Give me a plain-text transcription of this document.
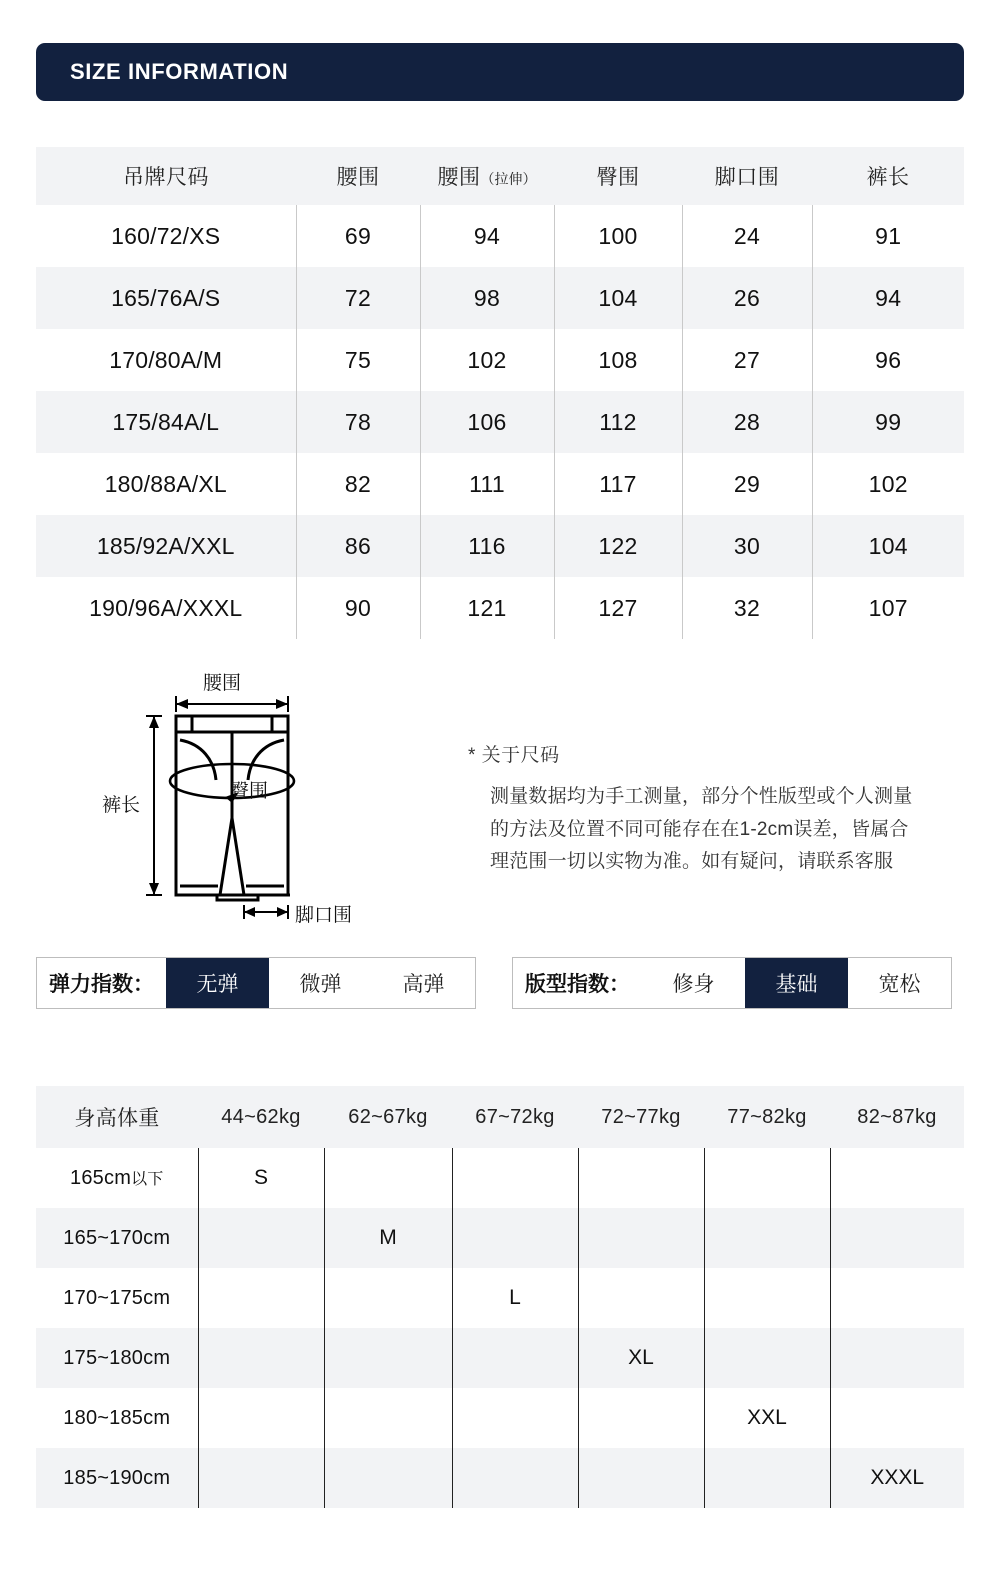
SIZE INFORMATION
吊牌尺码	腰围	腰围（拉伸）	臀围	脚口围	裤长
160/72/XS	69	94	100	24	91
165/76A/S	72	98	104	26	94
170/80A/M	75	102	108	27	96
175/84A/L	78	106	112	28	99
180/88A/XL	82	111	117	29	102
185/92A/XXL	86	116	122	30	104
190/96A/XXXL	90	121	127	32	107
腰围
裤长
臀围
脚口围
* 关于尺码
测量数据均为手工测量，部分个性版型或个人测量
的方法及位置不同可能存在在1-2cm误差，皆属合
理范围一切以实物为准。如有疑问，请联系客服
弹力指数：	无弹	微弹	高弹	版型指数：	修身	基础	宽松
身高体重	44~62kg	62~67kg	67~72kg	72~77kg	77~82kg	82~87kg
165cm以下	S					
165~170cm		M				
170~175cm			L			
175~180cm				XL		
180~185cm					XXL	
185~190cm						XXXL
